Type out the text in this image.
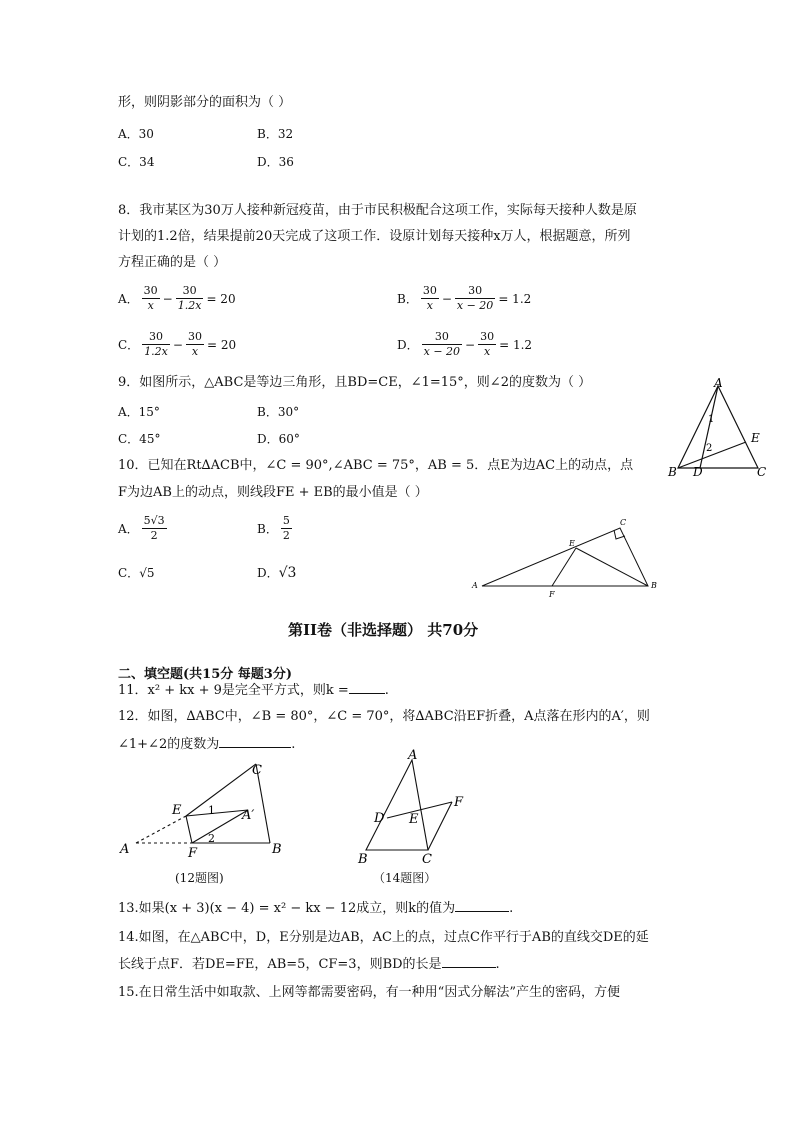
形，则阴影部分的面积为（ ）
A．30	B．32
C．34	D．36
8．我市某区为30万人接种新冠疫苗，由于市民积极配合这项工作，实际每天接种人数是原
计划的1.2倍，结果提前20天完成了这项工作．设原计划每天接种x万人，根据题意，所列
方程正确的是（ ）
A． $\frac{30}{x} - \frac{30}{1.2x} = 20$	B． $\frac{30}{x} - \frac{30}{x - 20} = 1.2$
C． $\frac{30}{1.2x} - \frac{30}{x} = 20$	D． $\frac{30}{x - 20} - \frac{30}{x} = 1.2$
9．如图所示，△ABC是等边三角形，且BD=CE，∠1=15°，则∠2的度数为（ ）
A．15°	B．30°
C．45°	D．60°
A
B	C
D
E
1
2
10．已知在Rt∆ACB中，∠C = 90°,∠ABC = 75°，AB = 5．点E为边AC上的动点，点
F为边AB上的动点，则线段FE + EB的最小值是（ ）
A． $\frac{5√3}{2}$	B． $\frac{5}{2}$
C．√5	D．√3
A	B
C
E
F
第II卷（非选择题） 共70分
二、填空题(共15分 每题3分)
11．x² + kx + 9是完全平方式，则k =	.
12．如图，∆ABC中，∠B = 80°，∠C = 70°，将∆ABC沿EF折叠，A点落在形内的A′，则
∠1+∠2的度数为	.
E
C
A′
A	F	B
1
2
(12题图)
A
D E
F
B	C
（14题图）
13.如果(x + 3)(x − 4) = x² − kx − 12成立，则k的值为	.
14.如图，在△ABC中，D，E分别是边AB，AC上的点，过点C作平行于AB的直线交DE的延
长线于点F．若DE=FE，AB=5，CF=3，则BD的长是	.
15.在日常生活中如取款、上网等都需要密码，有一种用“因式分解法”产生的密码，方便
